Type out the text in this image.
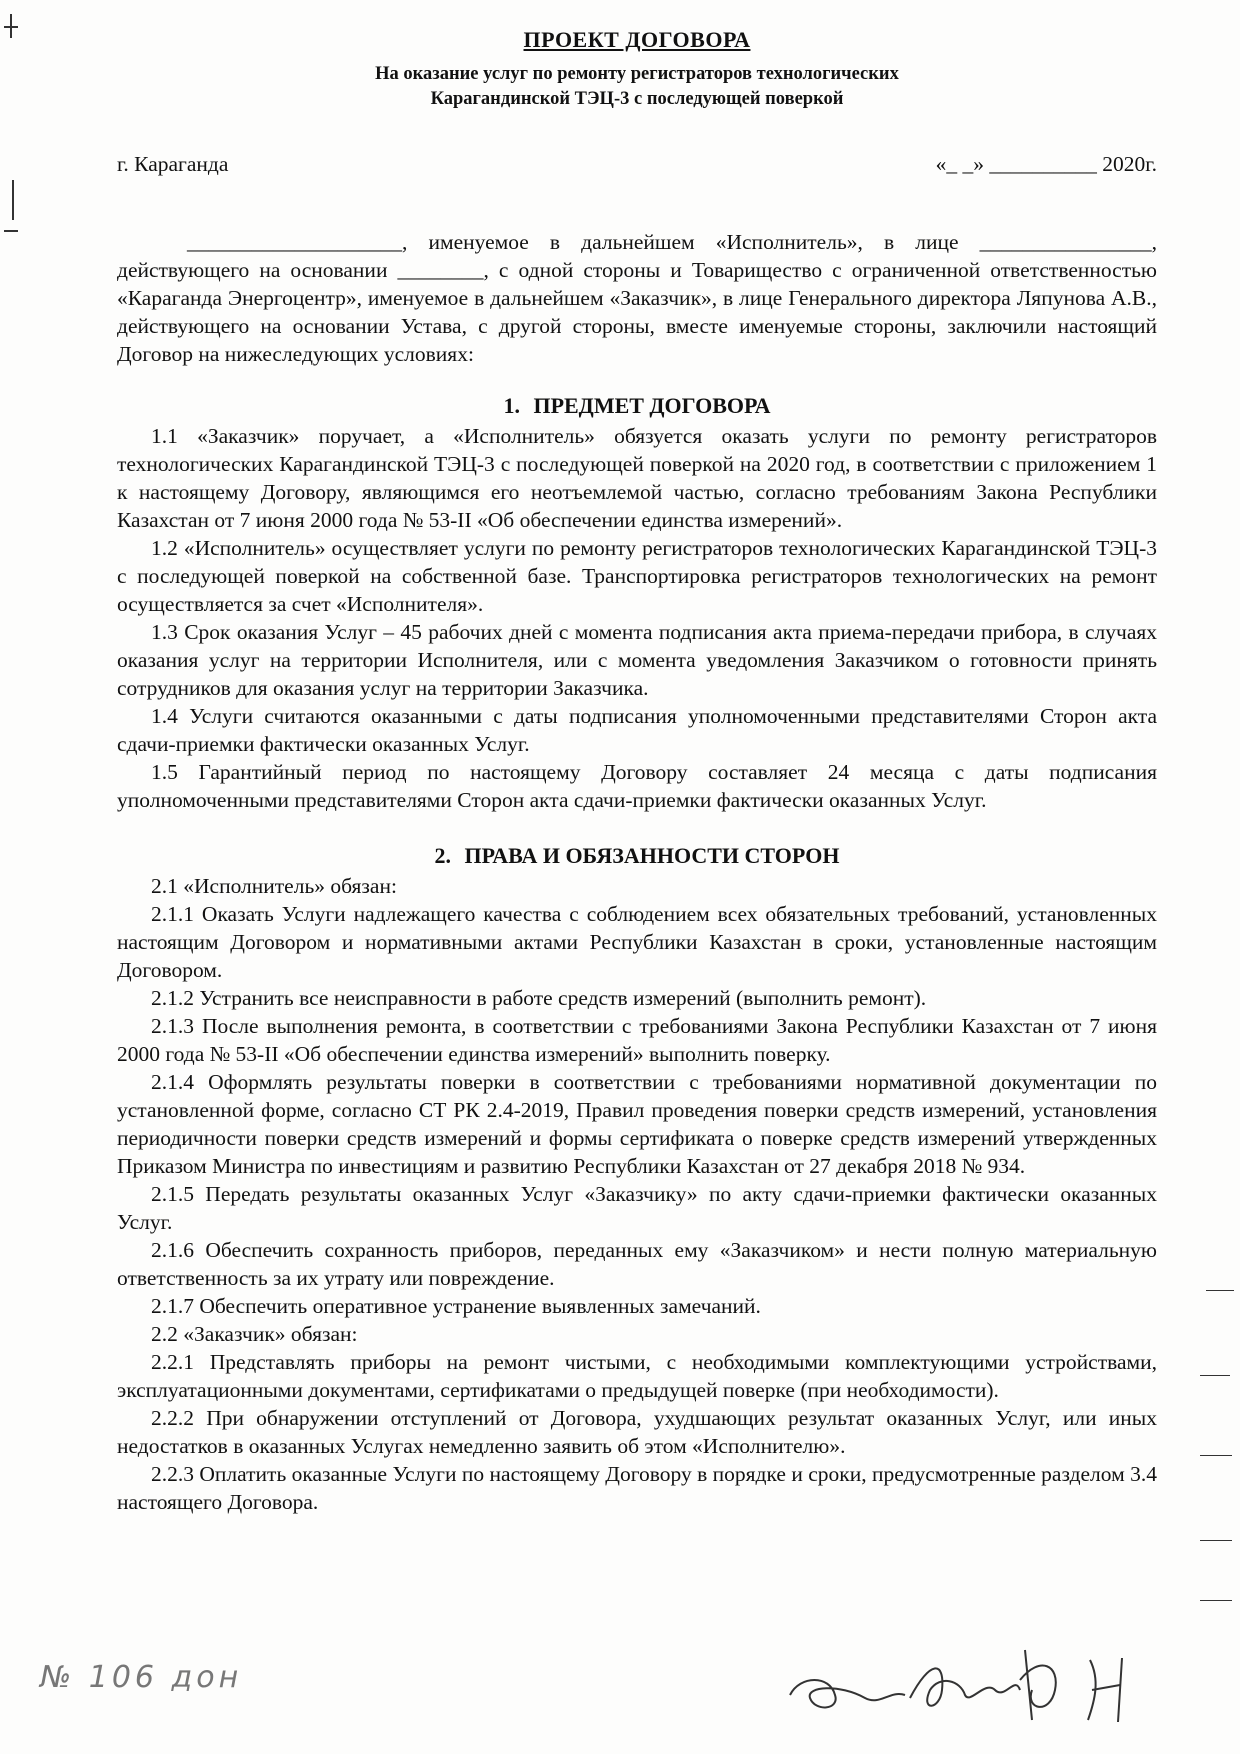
ПРОЕКТ ДОГОВОРА
На оказание услуг по ремонту регистраторов технологических
Карагандинской ТЭЦ-3 с последующей поверкой
г. Караганда	«_ _» __________ 2020г.

____________________, именуемое в дальнейшем «Исполнитель», в лице ________________, действующего на основании ________, с одной стороны и Товарищество с ограниченной ответственностью «Караганда Энергоцентр», именуемое в дальнейшем «Заказчик», в лице Генерального директора Ляпунова А.В., действующего на основании Устава, с другой стороны, вместе именуемые стороны, заключили настоящий Договор на нижеследующих условиях:

1. ПРЕДМЕТ ДОГОВОРА

1.1 «Заказчик» поручает, а «Исполнитель» обязуется оказать услуги по ремонту регистраторов технологических Карагандинской ТЭЦ-3 с последующей поверкой на 2020 год, в соответствии с приложением 1 к настоящему Договору, являющимся его неотъемлемой частью, согласно требованиям Закона Республики Казахстан от 7 июня 2000 года № 53-II «Об обеспечении единства измерений».

1.2 «Исполнитель» осуществляет услуги по ремонту регистраторов технологических Карагандинской ТЭЦ-3 с последующей поверкой на собственной базе. Транспортировка регистраторов технологических на ремонт осуществляется за счет «Исполнителя».

1.3 Срок оказания Услуг – 45 рабочих дней с момента подписания акта приема-передачи прибора, в случаях оказания услуг на территории Исполнителя, или с момента уведомления Заказчиком о готовности принять сотрудников для оказания услуг на территории Заказчика.

1.4 Услуги считаются оказанными с даты подписания уполномоченными представителями Сторон акта сдачи-приемки фактически оказанных Услуг.

1.5 Гарантийный период по настоящему Договору составляет 24 месяца с даты подписания уполномоченными представителями Сторон акта сдачи-приемки фактически оказанных Услуг.

2. ПРАВА И ОБЯЗАННОСТИ СТОРОН

2.1 «Исполнитель» обязан:

2.1.1 Оказать Услуги надлежащего качества с соблюдением всех обязательных требований, установленных настоящим Договором и нормативными актами Республики Казахстан в сроки, установленные настоящим Договором.

2.1.2 Устранить все неисправности в работе средств измерений (выполнить ремонт).

2.1.3 После выполнения ремонта, в соответствии с требованиями Закона Республики Казахстан от 7 июня 2000 года № 53-II «Об обеспечении единства измерений» выполнить поверку.

2.1.4 Оформлять результаты поверки в соответствии с требованиями нормативной документации по установленной форме, согласно СТ РК 2.4-2019, Правил проведения поверки средств измерений, установления периодичности поверки средств измерений и формы сертификата о поверке средств измерений утвержденных Приказом Министра по инвестициям и развитию Республики Казахстан от 27 декабря 2018 № 934.

2.1.5 Передать результаты оказанных Услуг «Заказчику» по акту сдачи-приемки фактически оказанных Услуг.

2.1.6 Обеспечить сохранность приборов, переданных ему «Заказчиком» и нести полную материальную ответственность за их утрату или повреждение.

2.1.7 Обеспечить оперативное устранение выявленных замечаний.

2.2 «Заказчик» обязан:

2.2.1 Представлять приборы на ремонт чистыми, с необходимыми комплектующими устройствами, эксплуатационными документами, сертификатами о предыдущей поверке (при необходимости).

2.2.2 При обнаружении отступлений от Договора, ухудшающих результат оказанных Услуг, или иных недостатков в оказанных Услугах немедленно заявить об этом «Исполнителю».

2.2.3 Оплатить оказанные Услуги по настоящему Договору в порядке и сроки, предусмотренные разделом 3.4 настоящего Договора.

№ 106 дон
